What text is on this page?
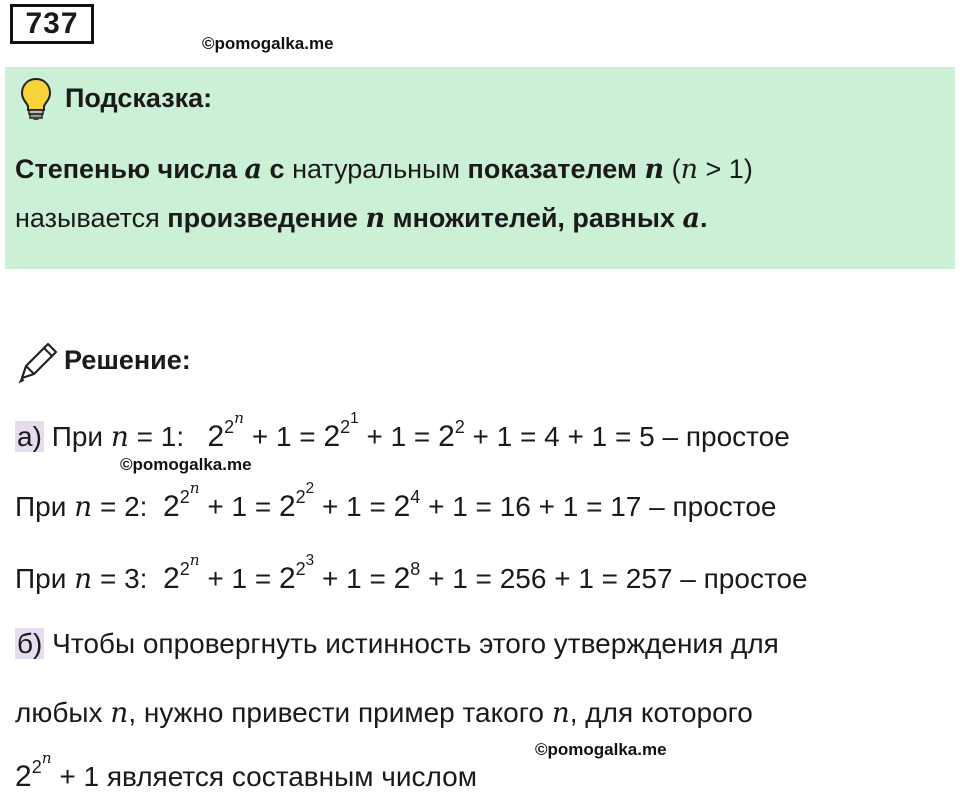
737
©pomogalka.me
Подсказка:
Степенью числа a с натуральным показателем n (n > 1)
называется произведение n множителей, равных a.
Решение:
а) При n = 1: $2^{2^n} + 1 = 2^{2^1} + 1 = 2^2 + 1 = 4 + 1 = 5$ – простое
©pomogalka.me
При n = 2: $2^{2^n} + 1 = 2^{2^2} + 1 = 2^4 + 1 = 16 + 1 = 17$ – простое
При n = 3: $2^{2^n} + 1 = 2^{2^3} + 1 = 2^8 + 1 = 256 + 1 = 257$ – простое
б) Чтобы опровергнуть истинность этого утверждения для
любых n, нужно привести пример такого n, для которого
©pomogalka.me
$2^{2^n} + 1$ является составным числом
